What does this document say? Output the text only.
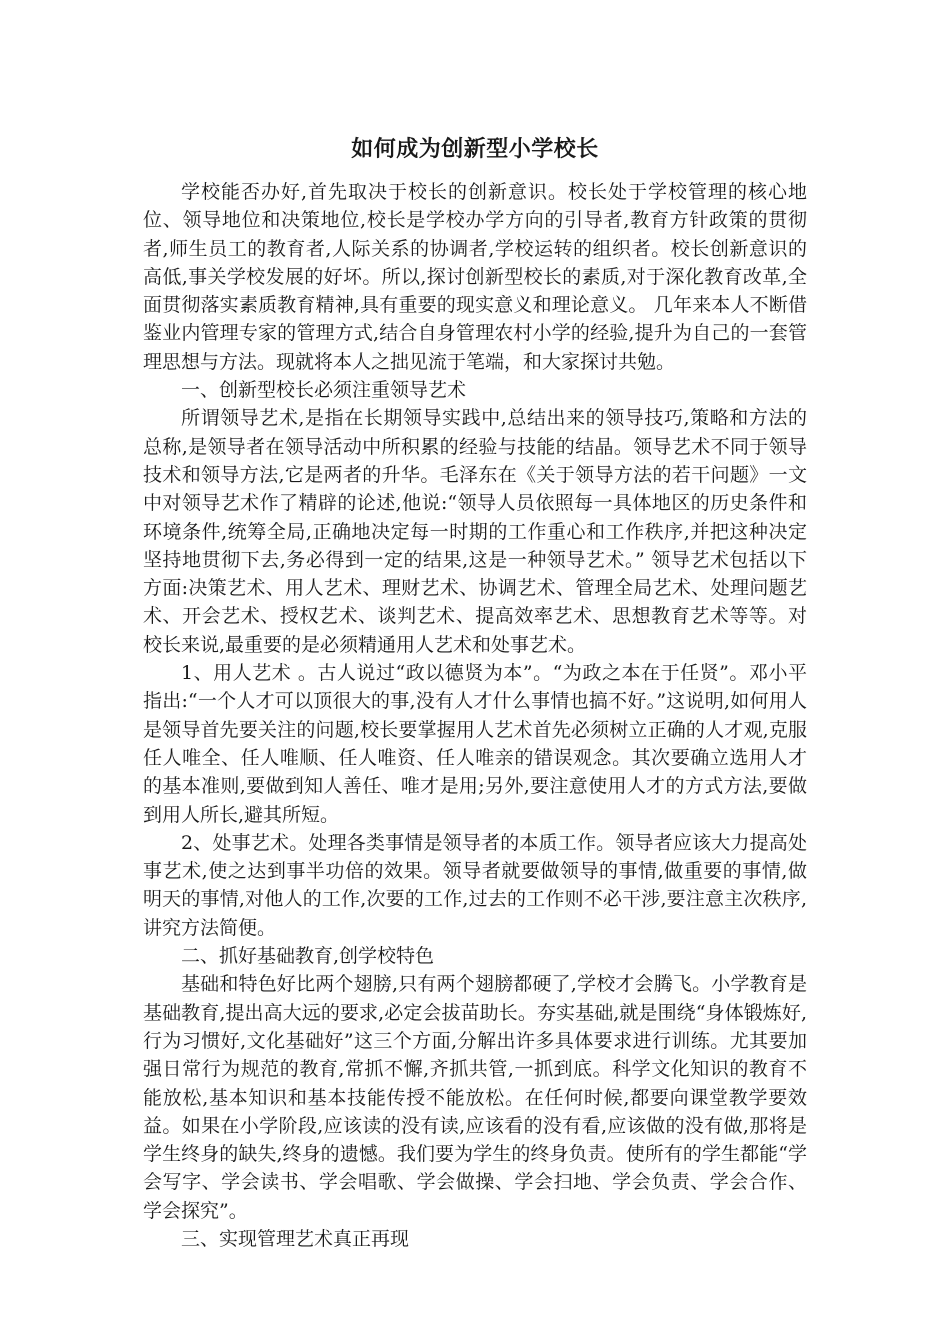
如何成为创新型小学校长

学校能否办好,首先取决于校长的创新意识。校长处于学校管理的核心地位、领导地位和决策地位,校长是学校办学方向的引导者,教育方针政策的贯彻者,师生员工的教育者,人际关系的协调者,学校运转的组织者。校长创新意识的高低,事关学校发展的好坏。所以,探讨创新型校长的素质,对于深化教育改革,全面贯彻落实素质教育精神,具有重要的现实意义和理论意义。 几年来本人不断借鉴业内管理专家的管理方式,结合自身管理农村小学的经验,提升为自己的一套管理思想与方法。现就将本人之拙见流于笔端，和大家探讨共勉。

一、创新型校长必须注重领导艺术

所谓领导艺术,是指在长期领导实践中,总结出来的领导技巧,策略和方法的总称,是领导者在领导活动中所积累的经验与技能的结晶。领导艺术不同于领导技术和领导方法,它是两者的升华。毛泽东在《关于领导方法的若干问题》一文中对领导艺术作了精辟的论述,他说:“领导人员依照每一具体地区的历史条件和环境条件,统筹全局,正确地决定每一时期的工作重心和工作秩序,并把这种决定坚持地贯彻下去,务必得到一定的结果,这是一种领导艺术。” 领导艺术包括以下方面:决策艺术、用人艺术、理财艺术、协调艺术、管理全局艺术、处理问题艺术、开会艺术、授权艺术、谈判艺术、提高效率艺术、思想教育艺术等等。对校长来说,最重要的是必须精通用人艺术和处事艺术。

1、用人艺术 。古人说过“政以德贤为本”。“为政之本在于任贤”。邓小平指出:“一个人才可以顶很大的事,没有人才什么事情也搞不好。”这说明,如何用人是领导首先要关注的问题,校长要掌握用人艺术首先必须树立正确的人才观,克服任人唯全、任人唯顺、任人唯资、任人唯亲的错误观念。其次要确立选用人才的基本准则,要做到知人善任、唯才是用;另外,要注意使用人才的方式方法,要做到用人所长,避其所短。

2、处事艺术。处理各类事情是领导者的本质工作。领导者应该大力提高处事艺术,使之达到事半功倍的效果。领导者就要做领导的事情,做重要的事情,做明天的事情,对他人的工作,次要的工作,过去的工作则不必干涉,要注意主次秩序,讲究方法简便。

二、抓好基础教育,创学校特色

基础和特色好比两个翅膀,只有两个翅膀都硬了,学校才会腾飞。小学教育是基础教育,提出高大远的要求,必定会拔苗助长。夯实基础,就是围绕“身体锻炼好,行为习惯好,文化基础好”这三个方面,分解出许多具体要求进行训练。尤其要加强日常行为规范的教育,常抓不懈,齐抓共管,一抓到底。科学文化知识的教育不能放松,基本知识和基本技能传授不能放松。在任何时候,都要向课堂教学要效益。如果在小学阶段,应该读的没有读,应该看的没有看,应该做的没有做,那将是学生终身的缺失,终身的遗憾。我们要为学生的终身负责。使所有的学生都能“学会写字、学会读书、学会唱歌、学会做操、学会扫地、学会负责、学会合作、学会探究”。

三、实现管理艺术真正再现
